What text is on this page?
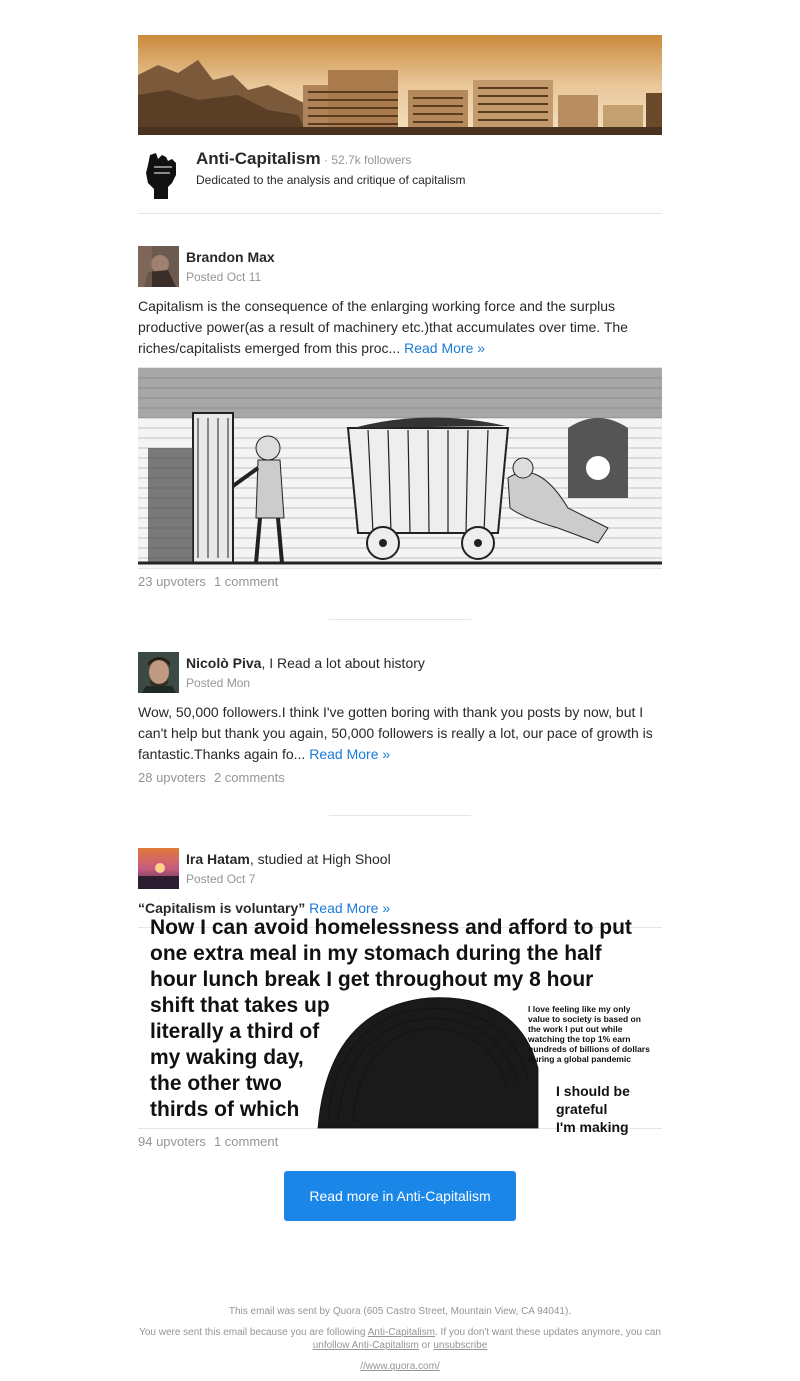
Anti-Capitalism · 52.7k followers
Dedicated to the analysis and critique of capitalism
Brandon Max
Posted Oct 11
Capitalism is the consequence of the enlarging working force and the surplus productive power(as a result of machinery etc.)that accumulates over time. The riches/capitalists emerged from this proc... Read More »
23 upvoters 1 comment
Nicolò Piva, I Read a lot about history
Posted Mon
Wow, 50,000 followers.I think I've gotten boring with thank you posts by now, but I can't help but thank you again, 50,000 followers is really a lot, our pace of growth is fantastic.Thanks again fo... Read More »
28 upvoters 2 comments
Ira Hatam, studied at High Shool
Posted Oct 7
“Capitalism is voluntary” Read More »
Now I can avoid homelessness and afford to put
one extra meal in my stomach during the half
hour lunch break I get throughout my 8 hour
shift that takes up
literally a third of
my waking day,
the other two
thirds of which
I love feeling like my only
value to society is based on
the work I put out while
watching the top 1% earn
hundreds of billions of dollars
during a global pandemic
I should be
grateful
I'm making
94 upvoters 1 comment
Read more in Anti-Capitalism

This email was sent by Quora (605 Castro Street, Mountain View, CA 94041).

You were sent this email because you are following Anti-Capitalism. If you don't want these updates anymore, you can unfollow Anti-Capitalism or unsubscribe

//www.quora.com/
